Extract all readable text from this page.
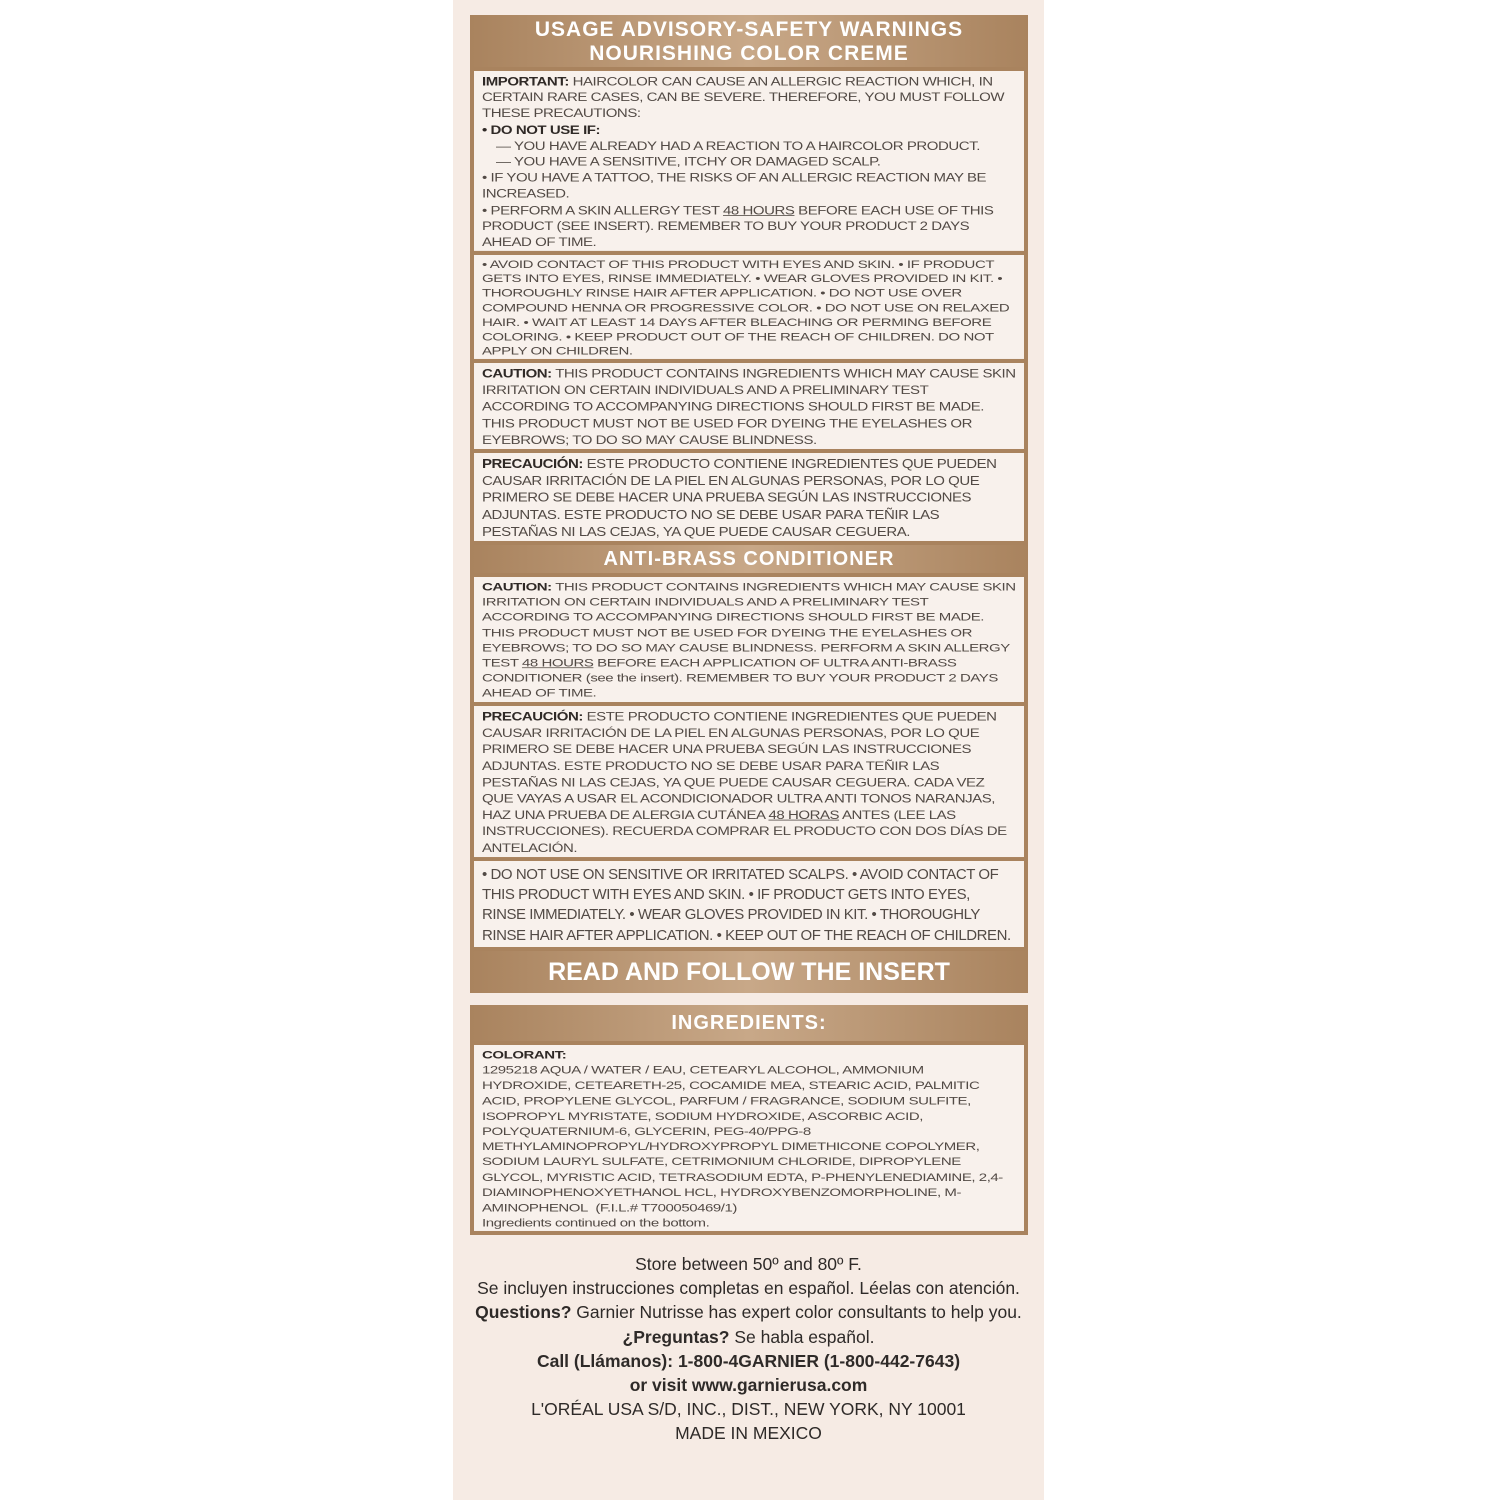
USAGE ADVISORY-SAFETY WARNINGS
NOURISHING COLOR CREME

IMPORTANT: HAIRCOLOR CAN CAUSE AN ALLERGIC REACTION WHICH, IN CERTAIN RARE CASES, CAN BE SEVERE. THEREFORE, YOU MUST FOLLOW THESE PRECAUTIONS:

• DO NOT USE IF:

— YOU HAVE ALREADY HAD A REACTION TO A HAIRCOLOR PRODUCT.

— YOU HAVE A SENSITIVE, ITCHY OR DAMAGED SCALP.

• IF YOU HAVE A TATTOO, THE RISKS OF AN ALLERGIC REACTION MAY BE INCREASED.

• PERFORM A SKIN ALLERGY TEST 48 HOURS BEFORE EACH USE OF THIS PRODUCT (SEE INSERT). REMEMBER TO BUY YOUR PRODUCT 2 DAYS AHEAD OF TIME.

• AVOID CONTACT OF THIS PRODUCT WITH EYES AND SKIN. • IF PRODUCT GETS INTO EYES, RINSE IMMEDIATELY. • WEAR GLOVES PROVIDED IN KIT. • THOROUGHLY RINSE HAIR AFTER APPLICATION. • DO NOT USE OVER COMPOUND HENNA OR PROGRESSIVE COLOR. • DO NOT USE ON RELAXED HAIR. • WAIT AT LEAST 14 DAYS AFTER BLEACHING OR PERMING BEFORE COLORING. • KEEP PRODUCT OUT OF THE REACH OF CHILDREN. DO NOT APPLY ON CHILDREN.

CAUTION: THIS PRODUCT CONTAINS INGREDIENTS WHICH MAY CAUSE SKIN IRRITATION ON CERTAIN INDIVIDUALS AND A PRELIMINARY TEST ACCORDING TO ACCOMPANYING DIRECTIONS SHOULD FIRST BE MADE. THIS PRODUCT MUST NOT BE USED FOR DYEING THE EYELASHES OR EYEBROWS; TO DO SO MAY CAUSE BLINDNESS.

PRECAUCIÓN: ESTE PRODUCTO CONTIENE INGREDIENTES QUE PUEDEN CAUSAR IRRITACIÓN DE LA PIEL EN ALGUNAS PERSONAS, POR LO QUE PRIMERO SE DEBE HACER UNA PRUEBA SEGÚN LAS INSTRUCCIONES ADJUNTAS. ESTE PRODUCTO NO SE DEBE USAR PARA TEÑIR LAS PESTAÑAS NI LAS CEJAS, YA QUE PUEDE CAUSAR CEGUERA.

ANTI-BRASS CONDITIONER

CAUTION: THIS PRODUCT CONTAINS INGREDIENTS WHICH MAY CAUSE SKIN IRRITATION ON CERTAIN INDIVIDUALS AND A PRELIMINARY TEST ACCORDING TO ACCOMPANYING DIRECTIONS SHOULD FIRST BE MADE. THIS PRODUCT MUST NOT BE USED FOR DYEING THE EYELASHES OR EYEBROWS; TO DO SO MAY CAUSE BLINDNESS. PERFORM A SKIN ALLERGY TEST 48 HOURS BEFORE EACH APPLICATION OF ULTRA ANTI-BRASS CONDITIONER (see the insert). REMEMBER TO BUY YOUR PRODUCT 2 DAYS AHEAD OF TIME.

PRECAUCIÓN: ESTE PRODUCTO CONTIENE INGREDIENTES QUE PUEDEN CAUSAR IRRITACIÓN DE LA PIEL EN ALGUNAS PERSONAS, POR LO QUE PRIMERO SE DEBE HACER UNA PRUEBA SEGÚN LAS INSTRUCCIONES ADJUNTAS. ESTE PRODUCTO NO SE DEBE USAR PARA TEÑIR LAS PESTAÑAS NI LAS CEJAS, YA QUE PUEDE CAUSAR CEGUERA. CADA VEZ QUE VAYAS A USAR EL ACONDICIONADOR ULTRA ANTI TONOS NARANJAS, HAZ UNA PRUEBA DE ALERGIA CUTÁNEA 48 HORAS ANTES (LEE LAS INSTRUCCIONES). RECUERDA COMPRAR EL PRODUCTO CON DOS DÍAS DE ANTELACIÓN.

• DO NOT USE ON SENSITIVE OR IRRITATED SCALPS. • AVOID CONTACT OF THIS PRODUCT WITH EYES AND SKIN. • IF PRODUCT GETS INTO EYES, RINSE IMMEDIATELY. • WEAR GLOVES PROVIDED IN KIT. • THOROUGHLY RINSE HAIR AFTER APPLICATION. • KEEP OUT OF THE REACH OF CHILDREN.

READ AND FOLLOW THE INSERT
INGREDIENTS:

COLORANT:

1295218 AQUA / WATER / EAU, CETEARYL ALCOHOL, AMMONIUM HYDROXIDE, CETEARETH-25, COCAMIDE MEA, STEARIC ACID, PALMITIC ACID, PROPYLENE GLYCOL, PARFUM / FRAGRANCE, SODIUM SULFITE, ISOPROPYL MYRISTATE, SODIUM HYDROXIDE, ASCORBIC ACID, POLYQUATERNIUM-6, GLYCERIN, PEG-40/PPG-8 METHYLAMINOPROPYL/HYDROXYPROPYL DIMETHICONE COPOLYMER, SODIUM LAURYL SULFATE, CETRIMONIUM CHLORIDE, DIPROPYLENE GLYCOL, MYRISTIC ACID, TETRASODIUM EDTA, P-PHENYLENEDIAMINE, 2,4-DIAMINOPHENOXYETHANOL HCL, HYDROXYBENZOMORPHOLINE, M-AMINOPHENOL (F.I.L.# T700050469/1)

Ingredients continued on the bottom.

Store between 50º and 80º F.

Se incluyen instrucciones completas en español. Léelas con atención.

Questions? Garnier Nutrisse has expert color consultants to help you.

¿Preguntas? Se habla español.

Call (Llámanos): 1-800-4GARNIER (1-800-442-7643)

or visit www.garnierusa.com

L'ORÉAL USA S/D, INC., DIST., NEW YORK, NY 10001

MADE IN MEXICO
